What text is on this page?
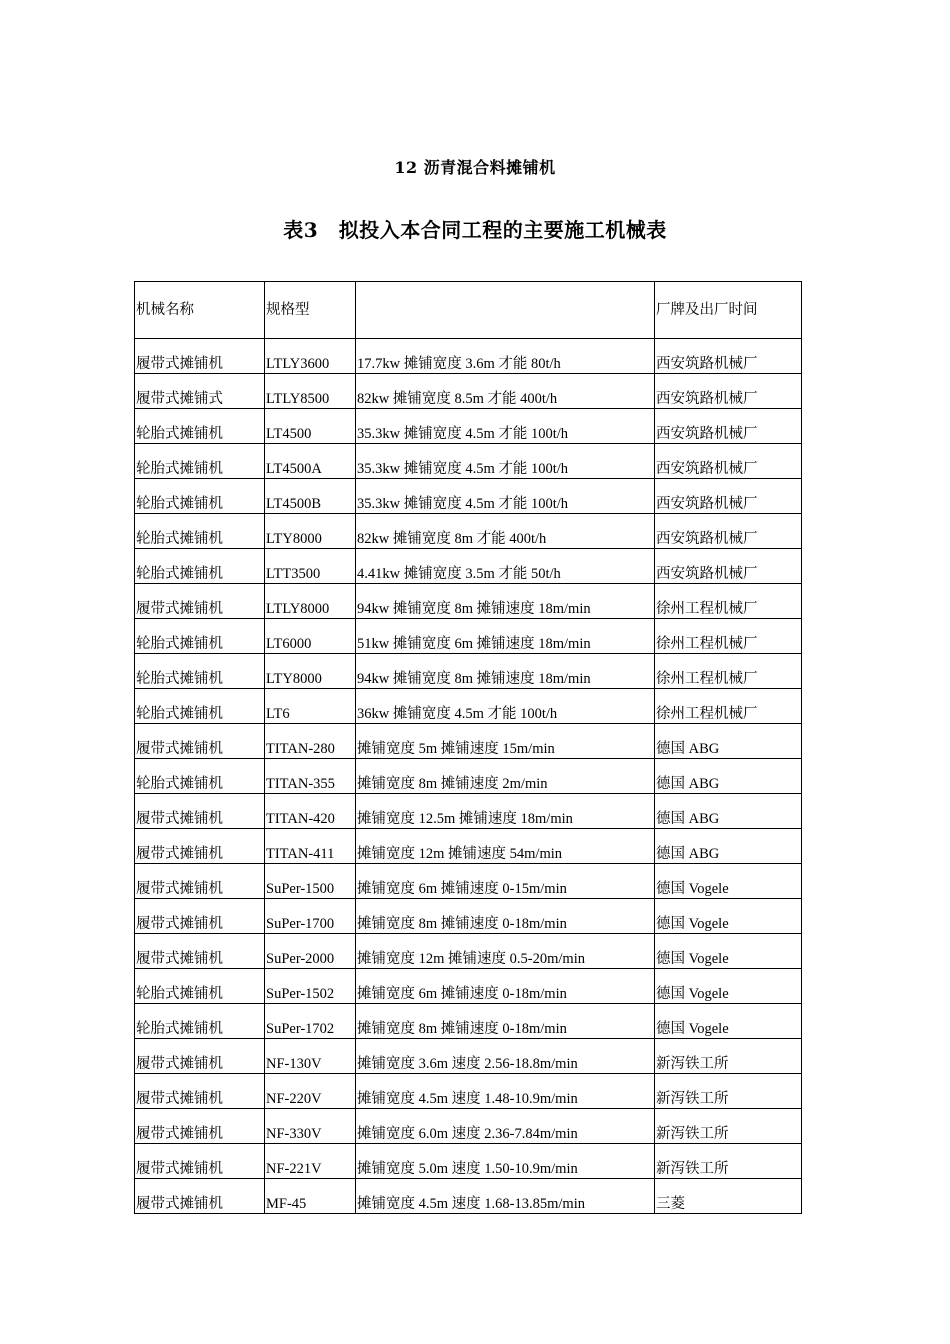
12 沥青混合料摊铺机
表3　拟投入本合同工程的主要施工机械表
机械名称	规格型		厂牌及出厂时间
履带式摊铺机	LTLY3600	17.7kw 摊铺宽度 3.6m 才能 80t/h	西安筑路机械厂
履带式摊铺式	LTLY8500	82kw 摊铺宽度 8.5m 才能 400t/h	西安筑路机械厂
轮胎式摊铺机	LT4500	35.3kw 摊铺宽度 4.5m 才能 100t/h	西安筑路机械厂
轮胎式摊铺机	LT4500A	35.3kw 摊铺宽度 4.5m 才能 100t/h	西安筑路机械厂
轮胎式摊铺机	LT4500B	35.3kw 摊铺宽度 4.5m 才能 100t/h	西安筑路机械厂
轮胎式摊铺机	LTY8000	82kw 摊铺宽度 8m 才能 400t/h	西安筑路机械厂
轮胎式摊铺机	LTT3500	4.41kw 摊铺宽度 3.5m 才能 50t/h	西安筑路机械厂
履带式摊铺机	LTLY8000	94kw 摊铺宽度 8m 摊铺速度 18m/min	徐州工程机械厂
轮胎式摊铺机	LT6000	51kw 摊铺宽度 6m 摊铺速度 18m/min	徐州工程机械厂
轮胎式摊铺机	LTY8000	94kw 摊铺宽度 8m 摊铺速度 18m/min	徐州工程机械厂
轮胎式摊铺机	LT6	36kw 摊铺宽度 4.5m 才能 100t/h	徐州工程机械厂
履带式摊铺机	TITAN-280	摊铺宽度 5m 摊铺速度 15m/min	德国 ABG
轮胎式摊铺机	TITAN-355	摊铺宽度 8m 摊铺速度 2m/min	德国 ABG
履带式摊铺机	TITAN-420	摊铺宽度 12.5m 摊铺速度 18m/min	德国 ABG
履带式摊铺机	TITAN-411	摊铺宽度 12m 摊铺速度 54m/min	德国 ABG
履带式摊铺机	SuPer-1500	摊铺宽度 6m 摊铺速度 0-15m/min	德国 Vogele
履带式摊铺机	SuPer-1700	摊铺宽度 8m 摊铺速度 0-18m/min	德国 Vogele
履带式摊铺机	SuPer-2000	摊铺宽度 12m 摊铺速度 0.5-20m/min	德国 Vogele
轮胎式摊铺机	SuPer-1502	摊铺宽度 6m 摊铺速度 0-18m/min	德国 Vogele
轮胎式摊铺机	SuPer-1702	摊铺宽度 8m 摊铺速度 0-18m/min	德国 Vogele
履带式摊铺机	NF-130V	摊铺宽度 3.6m 速度 2.56-18.8m/min	新泻铁工所
履带式摊铺机	NF-220V	摊铺宽度 4.5m 速度 1.48-10.9m/min	新泻铁工所
履带式摊铺机	NF-330V	摊铺宽度 6.0m 速度 2.36-7.84m/min	新泻铁工所
履带式摊铺机	NF-221V	摊铺宽度 5.0m 速度 1.50-10.9m/min	新泻铁工所
履带式摊铺机	MF-45	摊铺宽度 4.5m 速度 1.68-13.85m/min	三菱
